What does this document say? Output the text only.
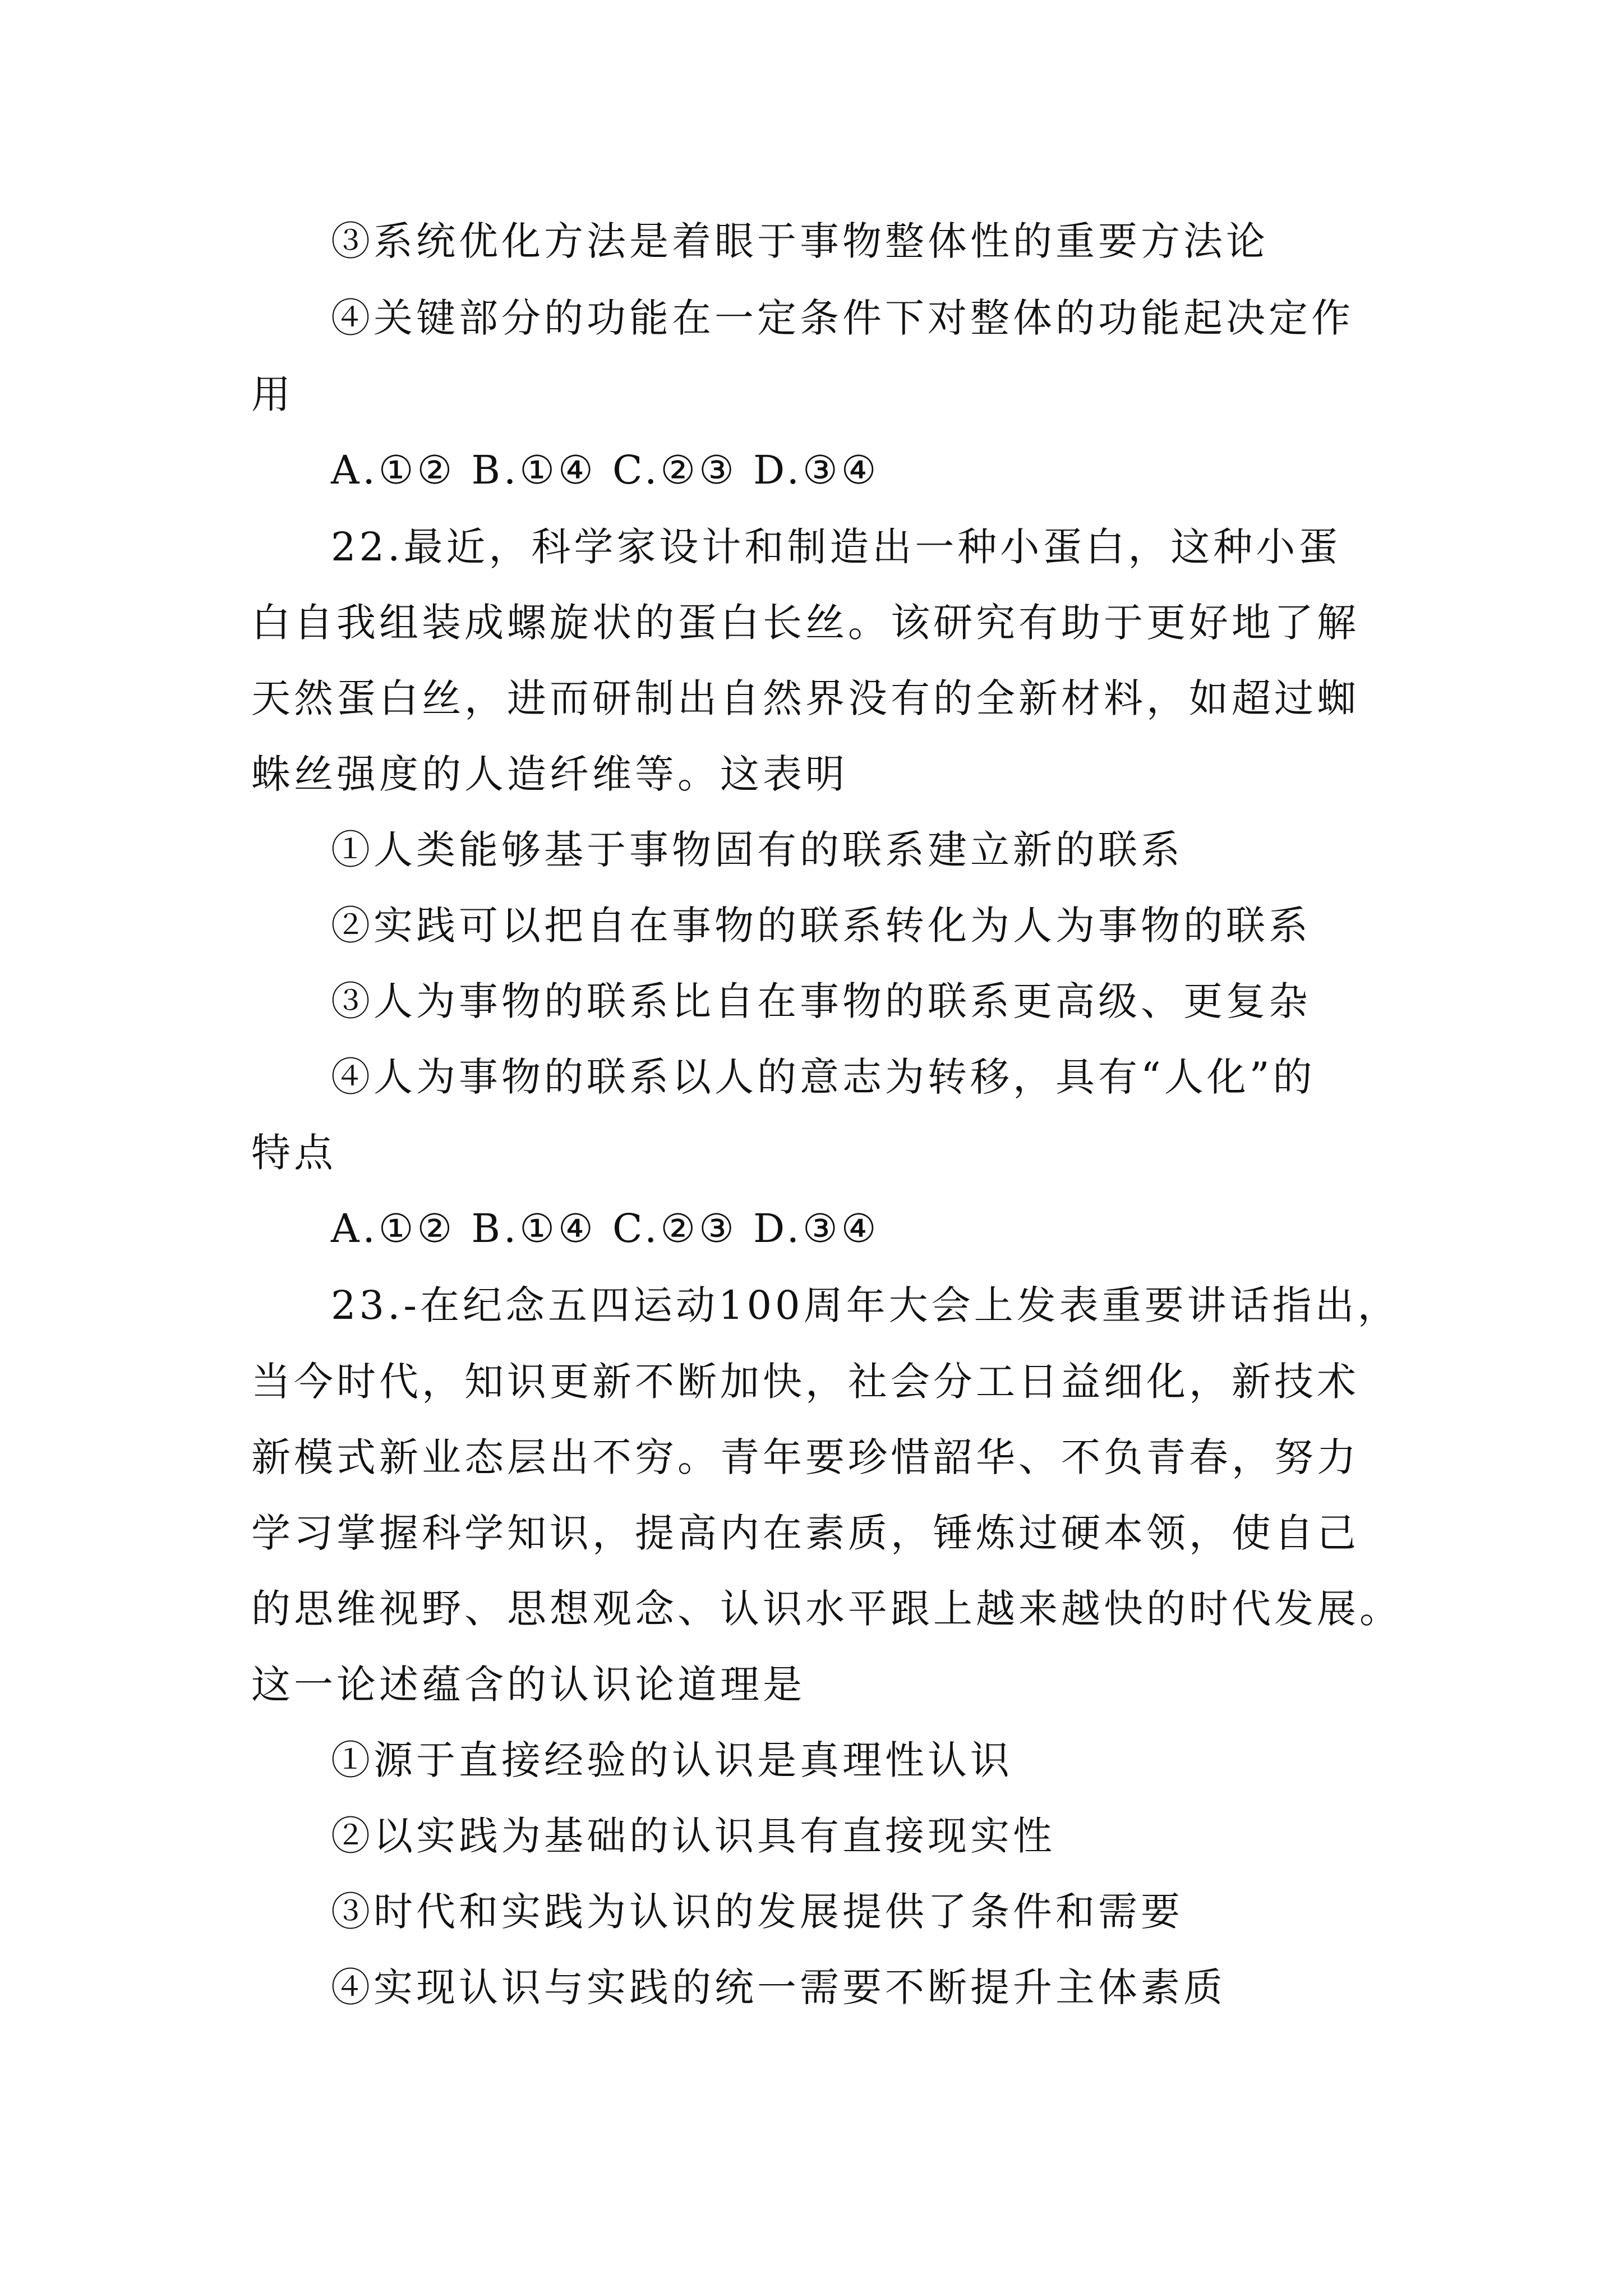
③系统优化方法是着眼于事物整体性的重要方法论
④关键部分的功能在一定条件下对整体的功能起决定作
用
A.①② B.①④ C.②③ D.③④
22.最近，科学家设计和制造出一种小蛋白，这种小蛋
白自我组装成螺旋状的蛋白长丝。该研究有助于更好地了解
天然蛋白丝，进而研制出自然界没有的全新材料，如超过蜘
蛛丝强度的人造纤维等。这表明
①人类能够基于事物固有的联系建立新的联系
②实践可以把自在事物的联系转化为人为事物的联系
③人为事物的联系比自在事物的联系更高级、更复杂
④人为事物的联系以人的意志为转移，具有“人化”的
特点
A.①② B.①④ C.②③ D.③④
23.-在纪念五四运动100周年大会上发表重要讲话指出，
当今时代，知识更新不断加快，社会分工日益细化，新技术
新模式新业态层出不穷。青年要珍惜韶华、不负青春，努力
学习掌握科学知识，提高内在素质，锤炼过硬本领，使自己
的思维视野、思想观念、认识水平跟上越来越快的时代发展。
这一论述蕴含的认识论道理是
①源于直接经验的认识是真理性认识
②以实践为基础的认识具有直接现实性
③时代和实践为认识的发展提供了条件和需要
④实现认识与实践的统一需要不断提升主体素质
